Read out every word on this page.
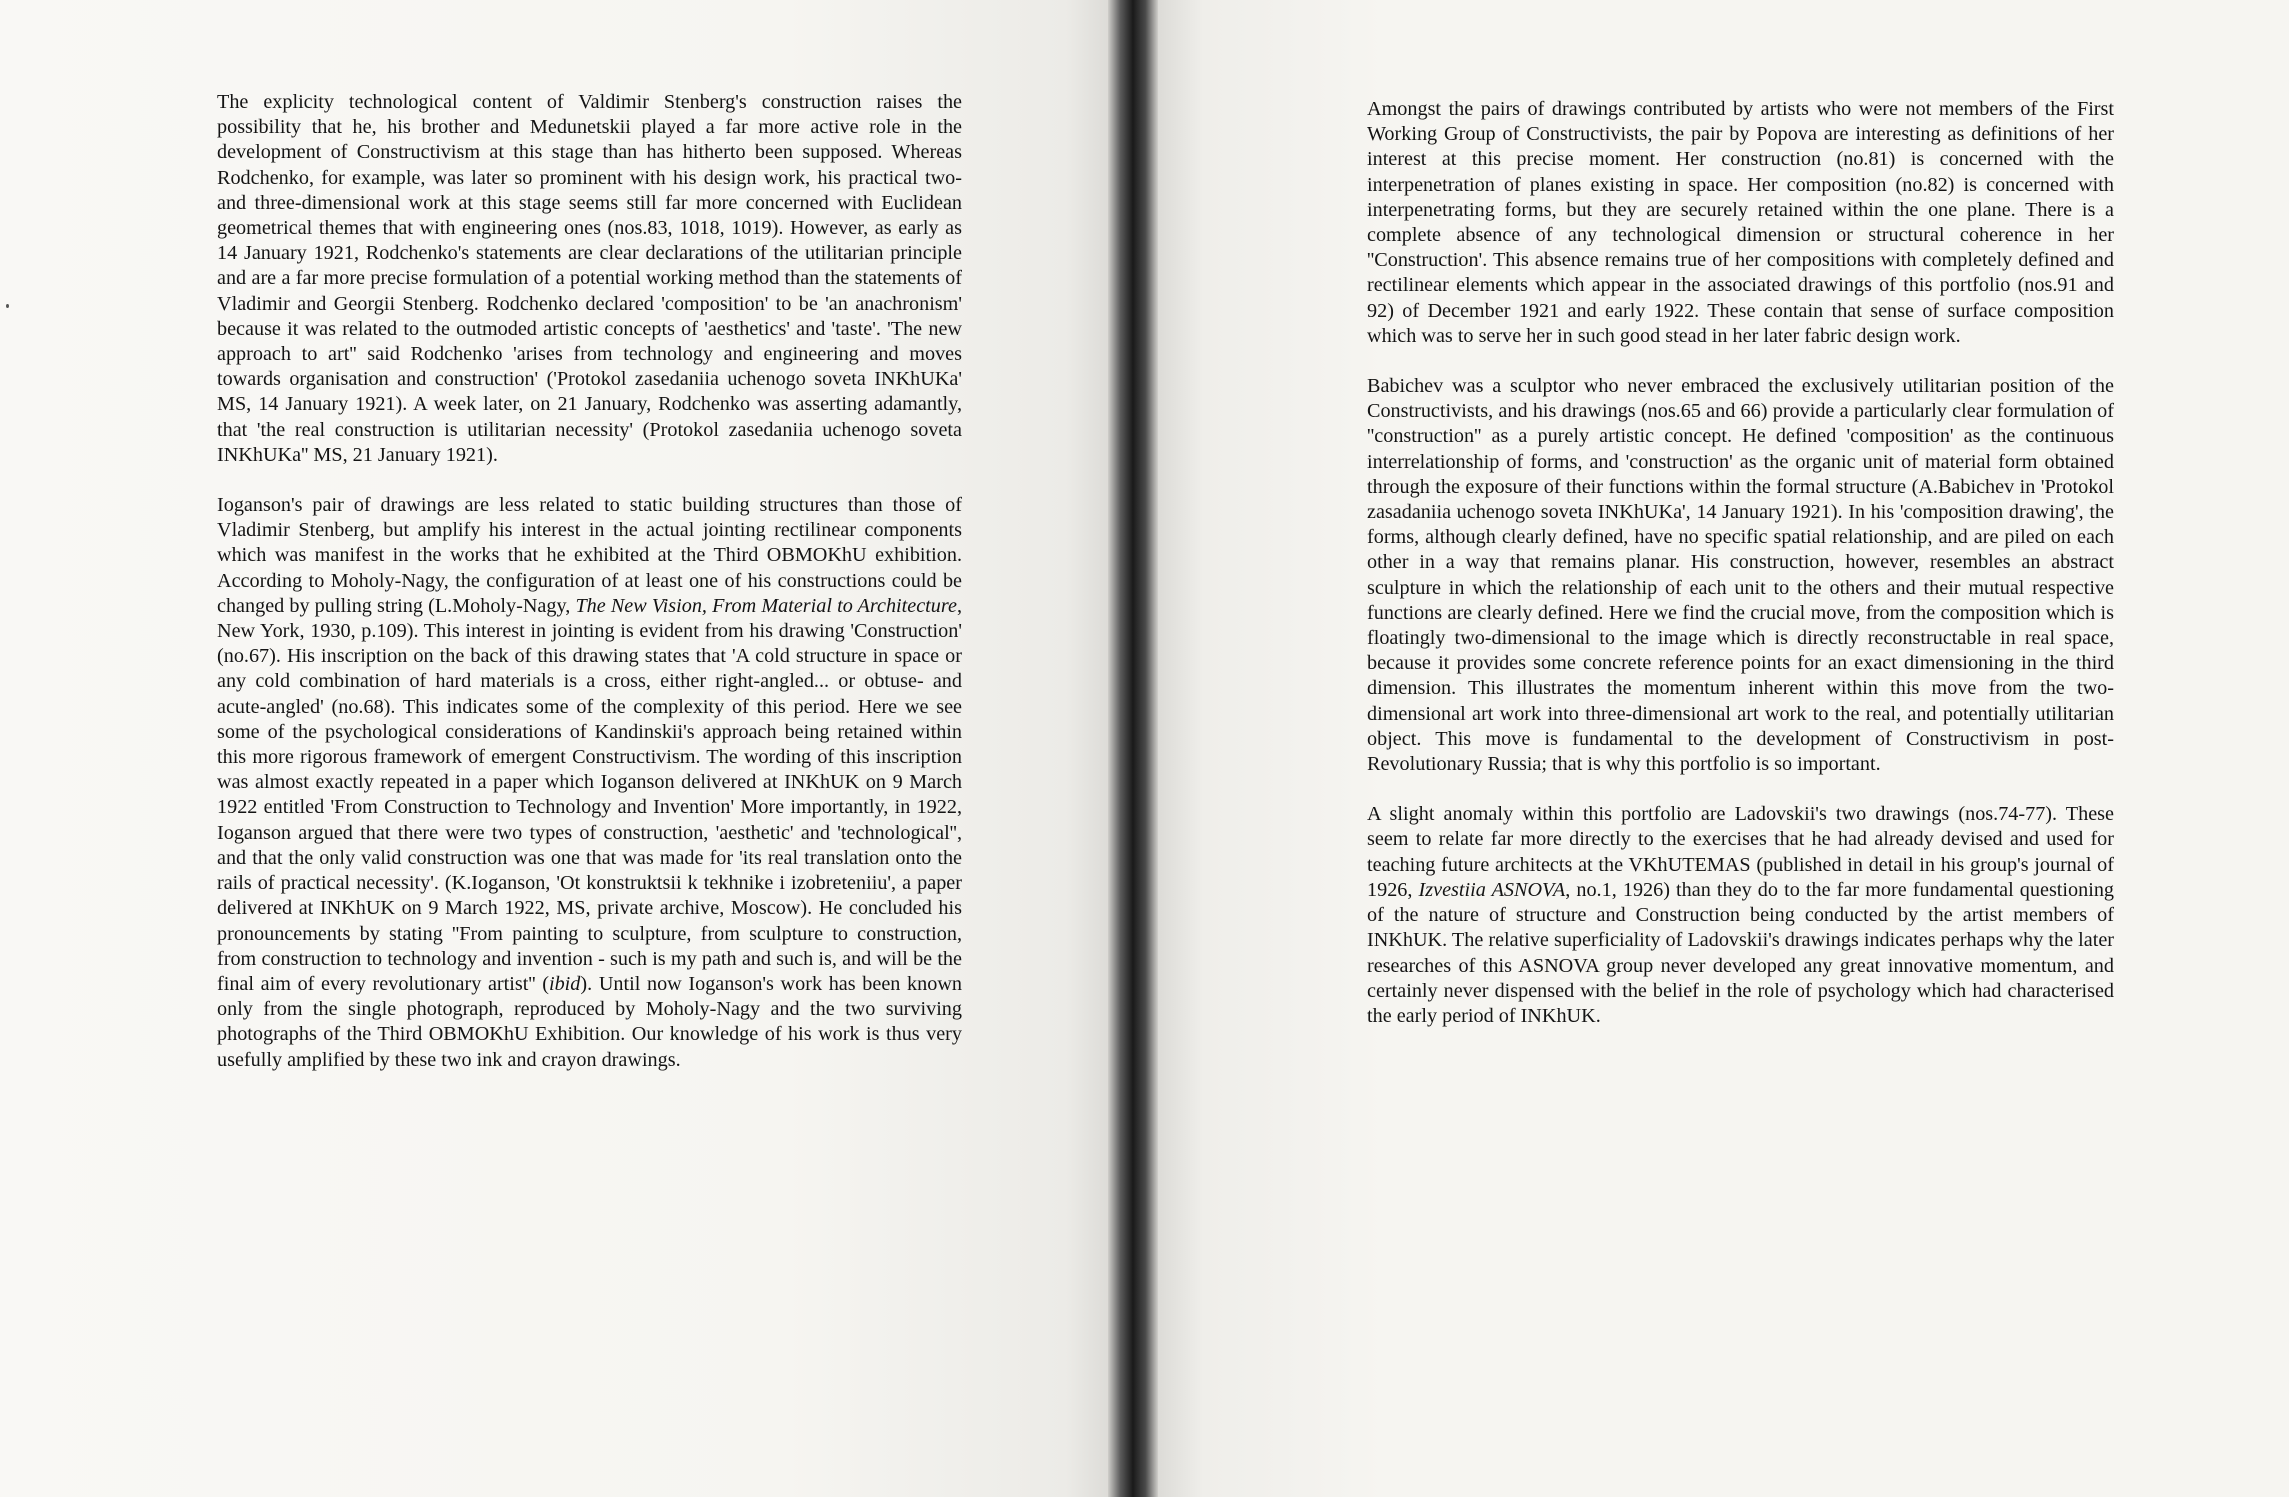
The explicity technological content of Valdimir Stenberg's construction raises the possibility that he, his brother and Medunetskii played a far more active role in the development of Constructivism at this stage than has hitherto been supposed. Whereas Rodchenko, for example, was later so prominent with his design work, his practical two- and three-dimensional work at this stage seems still far more concerned with Euclidean geometrical themes that with engineering ones (nos.83, 1018, 1019). However, as early as 14 January 1921, Rodchenko's statements are clear declarations of the utilitarian principle and are a far more precise formulation of a potential working method than the statements of Vladimir and Georgii Stenberg. Rodchenko declared 'composition' to be 'an anachronism' because it was related to the outmoded artistic concepts of 'aesthetics' and 'taste'. 'The new approach to art'' said Rodchenko 'arises from technology and engineering and moves towards organisation and construction' ('Protokol zasedaniia uchenogo soveta INKhUKa' MS, 14 January 1921). A week later, on 21 January, Rodchenko was asserting adamantly, that 'the real construction is utilitarian necessity' (Protokol zasedaniia uchenogo soveta INKhUKa'' MS, 21 January 1921).

Ioganson's pair of drawings are less related to static building structures than those of Vladimir Stenberg, but amplify his interest in the actual jointing rectilinear components which was manifest in the works that he exhibited at the Third OBMOKhU exhibition. According to Moholy-Nagy, the configuration of at least one of his constructions could be changed by pulling string (L.Moholy-Nagy, The New Vision, From Material to Architecture, New York, 1930, p.109). This interest in jointing is evident from his drawing 'Construction' (no.67). His inscription on the back of this drawing states that 'A cold structure in space or any cold combination of hard materials is a cross, either right-angled... or obtuse- and acute-angled' (no.68). This indicates some of the complexity of this period. Here we see some of the psychological considerations of Kandinskii's approach being retained within this more rigorous framework of emergent Constructivism. The wording of this inscription was almost exactly repeated in a paper which Ioganson delivered at INKhUK on 9 March 1922 entitled 'From Construction to Technology and Invention' More importantly, in 1922, Ioganson argued that there were two types of construction, 'aesthetic' and 'technological'', and that the only valid construction was one that was made for 'its real translation onto the rails of practical necessity'. (K.Ioganson, 'Ot konstruktsii k tekhnike i izobreteniiu', a paper delivered at INKhUK on 9 March 1922, MS, private archive, Moscow). He concluded his pronouncements by stating ''From painting to sculpture, from sculpture to construction, from construction to technology and invention - such is my path and such is, and will be the final aim of every revolutionary artist'' (ibid). Until now Ioganson's work has been known only from the single photograph, reproduced by Moholy-Nagy and the two surviving photographs of the Third OBMOKhU Exhibition. Our knowledge of his work is thus very usefully amplified by these two ink and crayon drawings.

Amongst the pairs of drawings contributed by artists who were not members of the First Working Group of Constructivists, the pair by Popova are interesting as definitions of her interest at this precise moment. Her construction (no.81) is concerned with the interpenetration of planes existing in space. Her composition (no.82) is concerned with interpenetrating forms, but they are securely retained within the one plane. There is a complete absence of any technological dimension or structural coherence in her ''Construction'. This absence remains true of her compositions with completely defined and rectilinear elements which appear in the associated drawings of this portfolio (nos.91 and 92) of December 1921 and early 1922. These contain that sense of surface composition which was to serve her in such good stead in her later fabric design work.

Babichev was a sculptor who never embraced the exclusively utilitarian position of the Constructivists, and his drawings (nos.65 and 66) provide a particularly clear formulation of ''construction'' as a purely artistic concept. He defined 'composition' as the continuous interrelationship of forms, and 'construction' as the organic unit of material form obtained through the exposure of their functions within the formal structure (A.Babichev in 'Protokol zasadaniia uchenogo soveta INKhUKa', 14 January 1921). In his 'composition drawing', the forms, although clearly defined, have no specific spatial relationship, and are piled on each other in a way that remains planar. His construction, however, resembles an abstract sculpture in which the relationship of each unit to the others and their mutual respective functions are clearly defined. Here we find the crucial move, from the composition which is floatingly two-dimensional to the image which is directly reconstructable in real space, because it provides some concrete reference points for an exact dimensioning in the third dimension. This illustrates the momentum inherent within this move from the two-dimensional art work into three-dimensional art work to the real, and potentially utilitarian object. This move is fundamental to the development of Constructivism in post-Revolutionary Russia; that is why this portfolio is so important.

A slight anomaly within this portfolio are Ladovskii's two drawings (nos.74-77). These seem to relate far more directly to the exercises that he had already devised and used for teaching future architects at the VKhUTEMAS (published in detail in his group's journal of 1926, Izvestiia ASNOVA, no.1, 1926) than they do to the far more fundamental questioning of the nature of structure and Construction being conducted by the artist members of INKhUK. The relative superficiality of Ladovskii's drawings indicates perhaps why the later researches of this ASNOVA group never developed any great innovative momentum, and certainly never dispensed with the belief in the role of psychology which had characterised the early period of INKhUK.
